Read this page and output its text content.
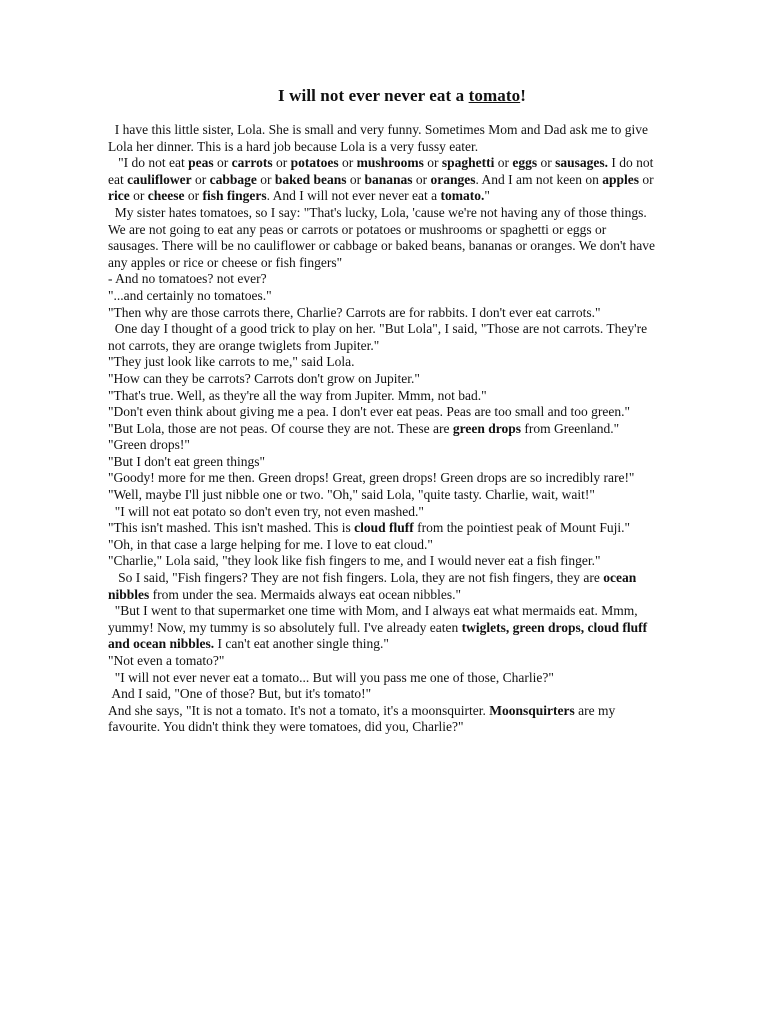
I will not ever never eat a tomato!

I have this little sister, Lola. She is small and very funny. Sometimes Mom and Dad ask me to give Lola her dinner. This is a hard job because Lola is a very fussy eater.

"I do not eat peas or carrots or potatoes or mushrooms or spaghetti or eggs or sausages. I do not eat cauliflower or cabbage or baked beans or bananas or oranges. And I am not keen on apples or rice or cheese or fish fingers. And I will not ever never eat a tomato."

My sister hates tomatoes, so I say: "That's lucky, Lola, 'cause we're not having any of those things. We are not going to eat any peas or carrots or potatoes or mushrooms or spaghetti or eggs or sausages. There will be no cauliflower or cabbage or baked beans, bananas or oranges. We don't have any apples or rice or cheese or fish fingers"

- And no tomatoes? not ever?

"...and certainly no tomatoes."

"Then why are those carrots there, Charlie? Carrots are for rabbits. I don't ever eat carrots."

One day I thought of a good trick to play on her. "But Lola", I said, "Those are not carrots. They're not carrots, they are orange twiglets from Jupiter."

"They just look like carrots to me," said Lola.

"How can they be carrots? Carrots don't grow on Jupiter."

"That's true. Well, as they're all the way from Jupiter. Mmm, not bad."

"Don't even think about giving me a pea. I don't ever eat peas. Peas are too small and too green."

"But Lola, those are not peas. Of course they are not. These are green drops from Greenland."

"Green drops!"

"But I don't eat green things"

"Goody! more for me then. Green drops! Great, green drops! Green drops are so incredibly rare!"

"Well, maybe I'll just nibble one or two. "Oh," said Lola, "quite tasty. Charlie, wait, wait!"

"I will not eat potato so don't even try, not even mashed."

"This isn't mashed. This isn't mashed. This is cloud fluff from the pointiest peak of Mount Fuji."

"Oh, in that case a large helping for me. I love to eat cloud."

"Charlie," Lola said, "they look like fish fingers to me, and I would never eat a fish finger."

So I said, "Fish fingers? They are not fish fingers. Lola, they are not fish fingers, they are ocean nibbles from under the sea. Mermaids always eat ocean nibbles."

"But I went to that supermarket one time with Mom, and I always eat what mermaids eat. Mmm, yummy! Now, my tummy is so absolutely full. I've already eaten twiglets, green drops, cloud fluff and ocean nibbles. I can't eat another single thing."

"Not even a tomato?"

"I will not ever never eat a tomato... But will you pass me one of those, Charlie?"

And I said, "One of those? But, but it's tomato!"

And she says, "It is not a tomato. It's not a tomato, it's a moonsquirter. Moonsquirters are my favourite. You didn't think they were tomatoes, did you, Charlie?"
